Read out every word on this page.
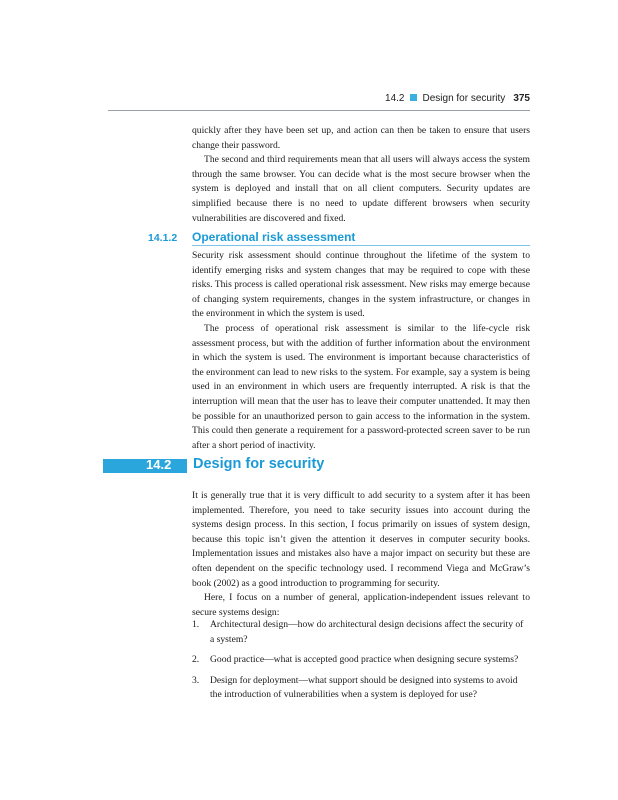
14.2 Design for security 375

quickly after they have been set up, and action can then be taken to ensure that users change their password.

The second and third requirements mean that all users will always access the system through the same browser. You can decide what is the most secure browser when the system is deployed and install that on all client computers. Security updates are simplified because there is no need to update different browsers when security vulnerabilities are discovered and fixed.

14.1.2 Operational risk assessment

Security risk assessment should continue throughout the lifetime of the system to identify emerging risks and system changes that may be required to cope with these risks. This process is called operational risk assessment. New risks may emerge because of changing system requirements, changes in the system infrastructure, or changes in the environment in which the system is used.

The process of operational risk assessment is similar to the life-cycle risk assessment process, but with the addition of further information about the environment in which the system is used. The environment is important because characteristics of the environment can lead to new risks to the system. For example, say a system is being used in an environment in which users are frequently interrupted. A risk is that the interruption will mean that the user has to leave their computer unattended. It may then be possible for an unauthorized person to gain access to the information in the system. This could then generate a requirement for a password-protected screen saver to be run after a short period of inactivity.

14.2 Design for security

It is generally true that it is very difficult to add security to a system after it has been implemented. Therefore, you need to take security issues into account during the systems design process. In this section, I focus primarily on issues of system design, because this topic isn’t given the attention it deserves in computer security books. Implementation issues and mistakes also have a major impact on security but these are often dependent on the specific technology used. I recommend Viega and McGraw’s book (2002) as a good introduction to programming for security.

Here, I focus on a number of general, application-independent issues relevant to secure systems design:

1. Architectural design—how do architectural design decisions affect the security of a system?
2. Good practice—what is accepted good practice when designing secure systems?
3. Design for deployment—what support should be designed into systems to avoid the introduction of vulnerabilities when a system is deployed for use?
